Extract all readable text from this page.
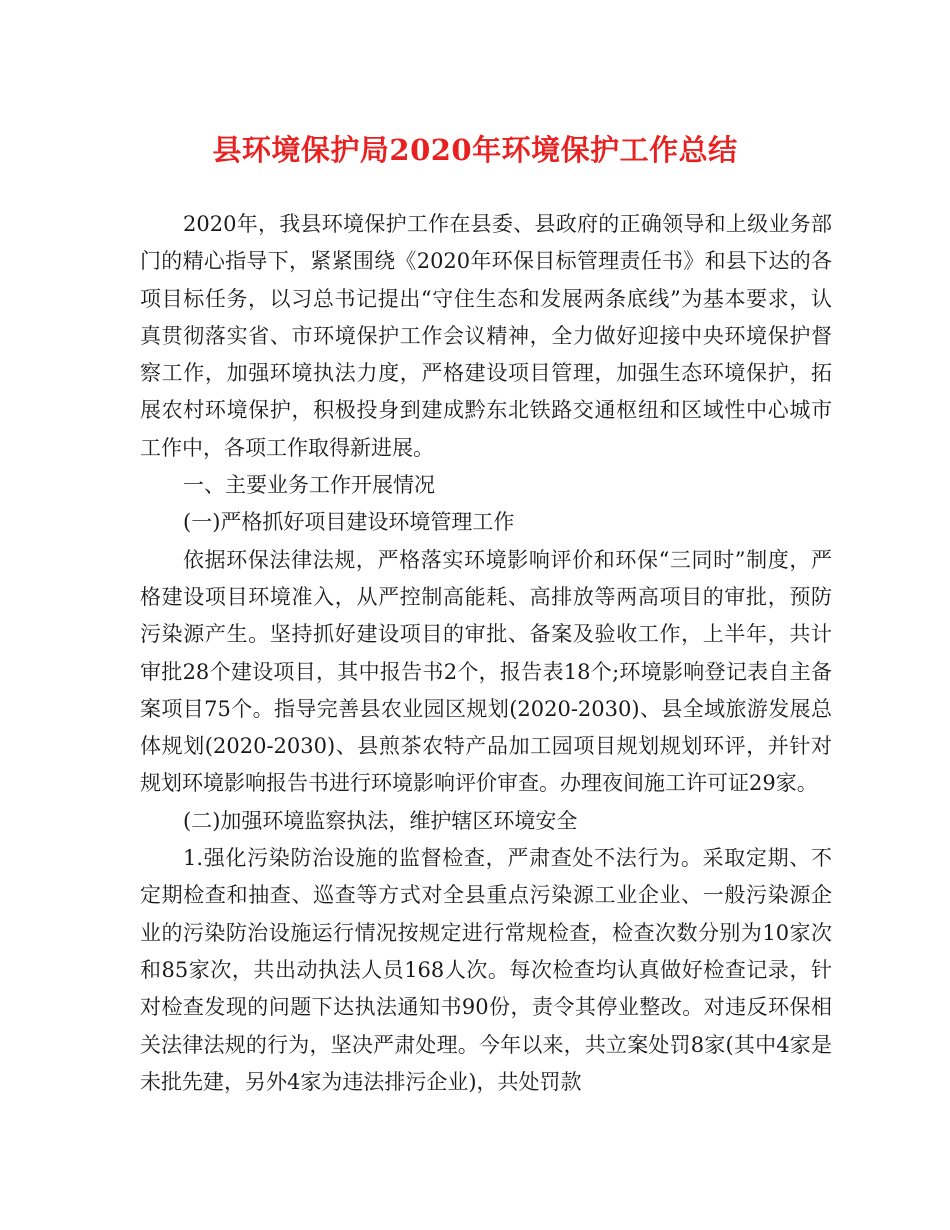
县环境保护局2020年环境保护工作总结

2020年，我县环境保护工作在县委、县政府的正确领导和上级业务部门的精心指导下，紧紧围绕《2020年环保目标管理责任书》和县下达的各项目标任务，以习总书记提出“守住生态和发展两条底线”为基本要求，认真贯彻落实省、市环境保护工作会议精神，全力做好迎接中央环境保护督察工作，加强环境执法力度，严格建设项目管理，加强生态环境保护，拓展农村环境保护，积极投身到建成黔东北铁路交通枢纽和区域性中心城市工作中，各项工作取得新进展。

一、主要业务工作开展情况

(一)严格抓好项目建设环境管理工作

依据环保法律法规，严格落实环境影响评价和环保“三同时”制度，严格建设项目环境准入，从严控制高能耗、高排放等两高项目的审批，预防污染源产生。坚持抓好建设项目的审批、备案及验收工作，上半年，共计审批28个建设项目，其中报告书2个，报告表18个;环境影响登记表自主备案项目75个。指导完善县农业园区规划(2020-2030)、县全域旅游发展总体规划(2020-2030)、县煎茶农特产品加工园项目规划规划环评，并针对规划环境影响报告书进行环境影响评价审查。办理夜间施工许可证29家。

(二)加强环境监察执法，维护辖区环境安全

1.强化污染防治设施的监督检查，严肃查处不法行为。采取定期、不定期检查和抽查、巡查等方式对全县重点污染源工业企业、一般污染源企业的污染防治设施运行情况按规定进行常规检查，检查次数分别为10家次和85家次，共出动执法人员168人次。每次检查均认真做好检查记录，针对检查发现的问题下达执法通知书90份，责令其停业整改。对违反环保相关法律法规的行为，坚决严肃处理。今年以来，共立案处罚8家(其中4家是未批先建，另外4家为违法排污企业)，共处罚款
